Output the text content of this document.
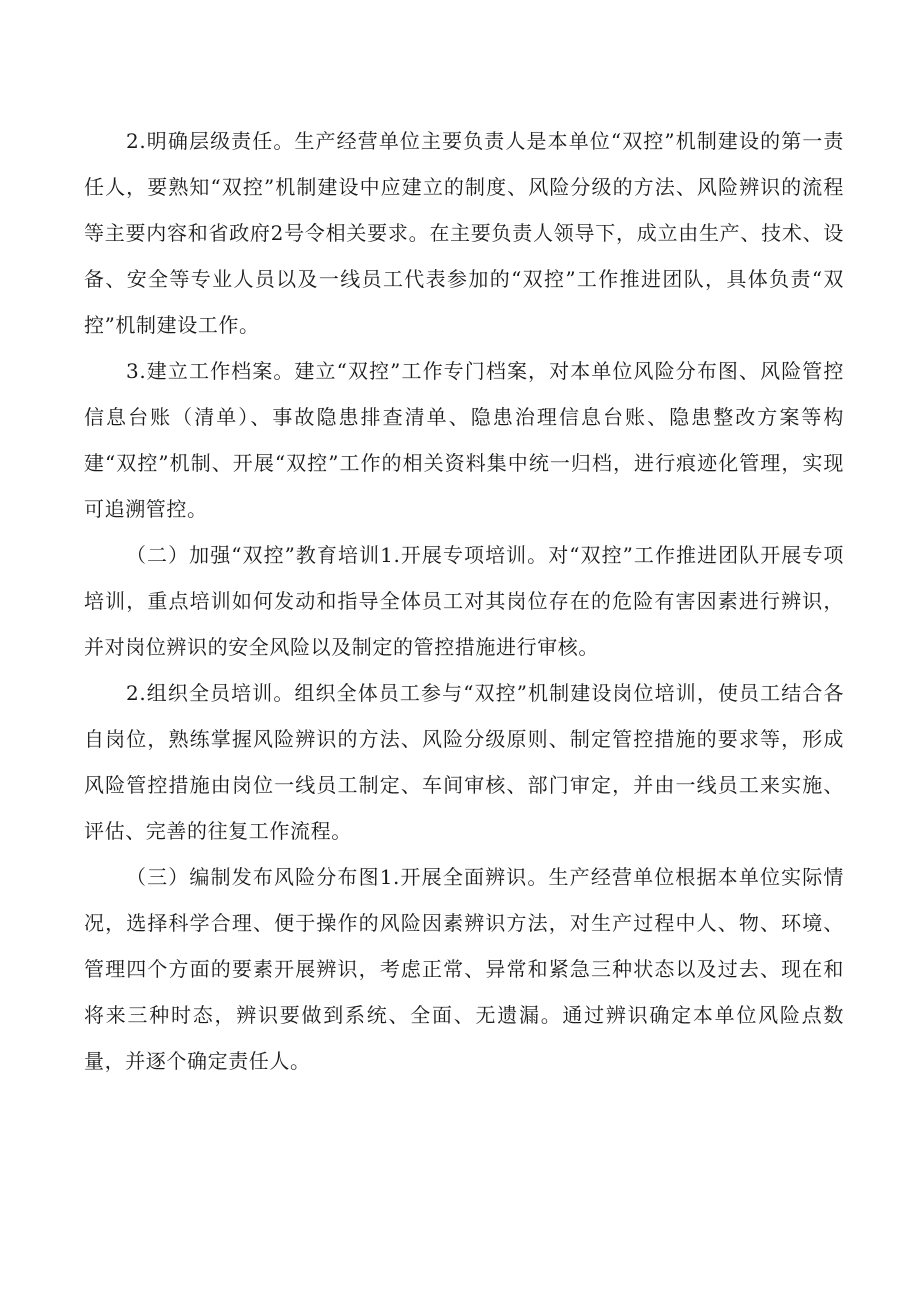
2.明确层级责任。生产经营单位主要负责人是本单位“双控”机制建设的第一责任人，要熟知“双控”机制建设中应建立的制度、风险分级的方法、风险辨识的流程等主要内容和省政府2号令相关要求。在主要负责人领导下，成立由生产、技术、设备、安全等专业人员以及一线员工代表参加的“双控”工作推进团队，具体负责“双控”机制建设工作。

3.建立工作档案。建立“双控”工作专门档案，对本单位风险分布图、风险管控信息台账（清单）、事故隐患排查清单、隐患治理信息台账、隐患整改方案等构建“双控”机制、开展“双控”工作的相关资料集中统一归档，进行痕迹化管理，实现可追溯管控。

（二）加强“双控”教育培训1.开展专项培训。对“双控”工作推进团队开展专项培训，重点培训如何发动和指导全体员工对其岗位存在的危险有害因素进行辨识，并对岗位辨识的安全风险以及制定的管控措施进行审核。

2.组织全员培训。组织全体员工参与“双控”机制建设岗位培训，使员工结合各自岗位，熟练掌握风险辨识的方法、风险分级原则、制定管控措施的要求等，形成风险管控措施由岗位一线员工制定、车间审核、部门审定，并由一线员工来实施、评估、完善的往复工作流程。

（三）编制发布风险分布图1.开展全面辨识。生产经营单位根据本单位实际情况，选择科学合理、便于操作的风险因素辨识方法，对生产过程中人、物、环境、管理四个方面的要素开展辨识，考虑正常、异常和紧急三种状态以及过去、现在和将来三种时态，辨识要做到系统、全面、无遗漏。通过辨识确定本单位风险点数量，并逐个确定责任人。
